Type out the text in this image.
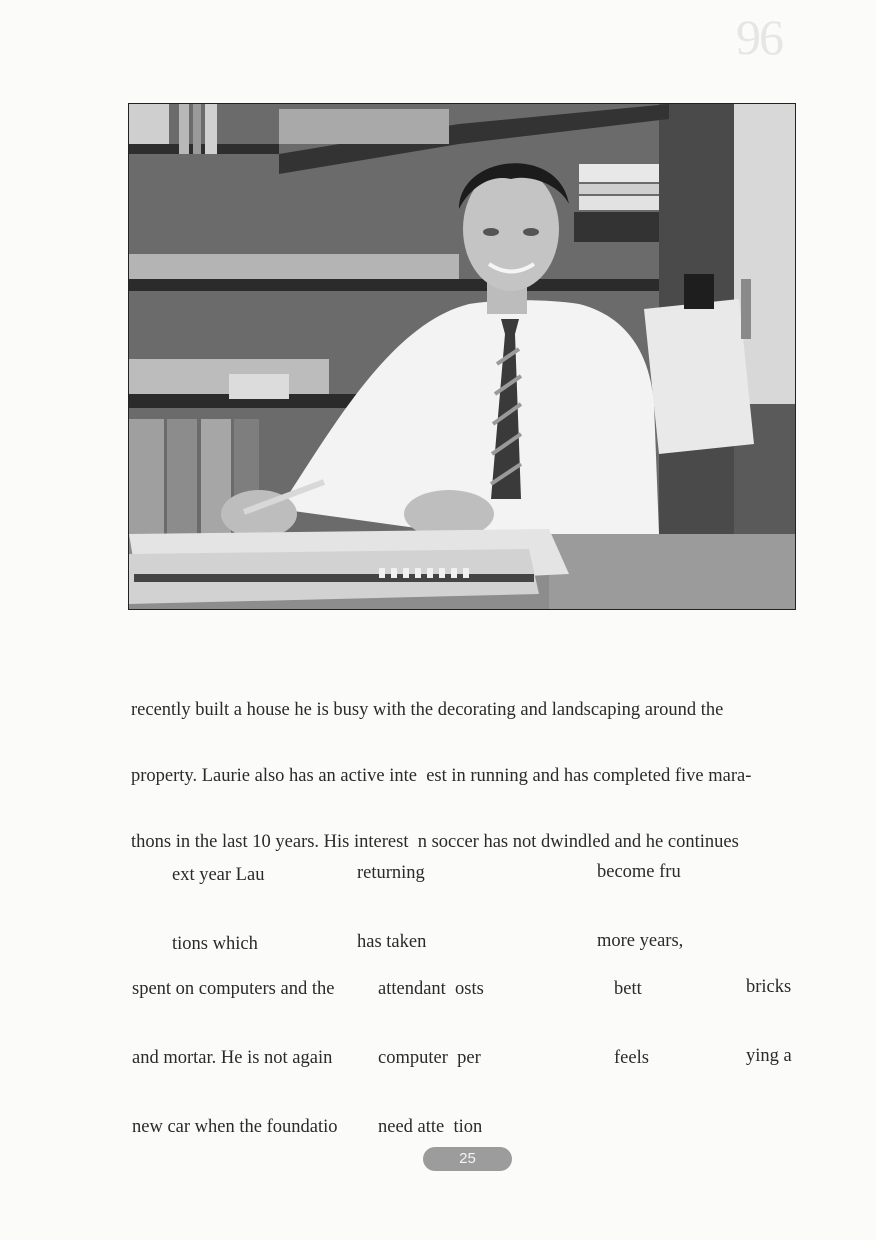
96

recently built a house he is busy with the decorating and landscaping around the

property. Laurie also has an active inte  est in running and has completed five mara-

thons in the last 10 years. His interest  n soccer has not dwindled and he continues

ext year Lau

tions which

returning

has taken

become fru

more years,

spent on computers and the

and mortar. He is not again

new car when the foundatio

attendant  osts

computer  per

need atte  tion

bett

feels

bricks

ying a

25
